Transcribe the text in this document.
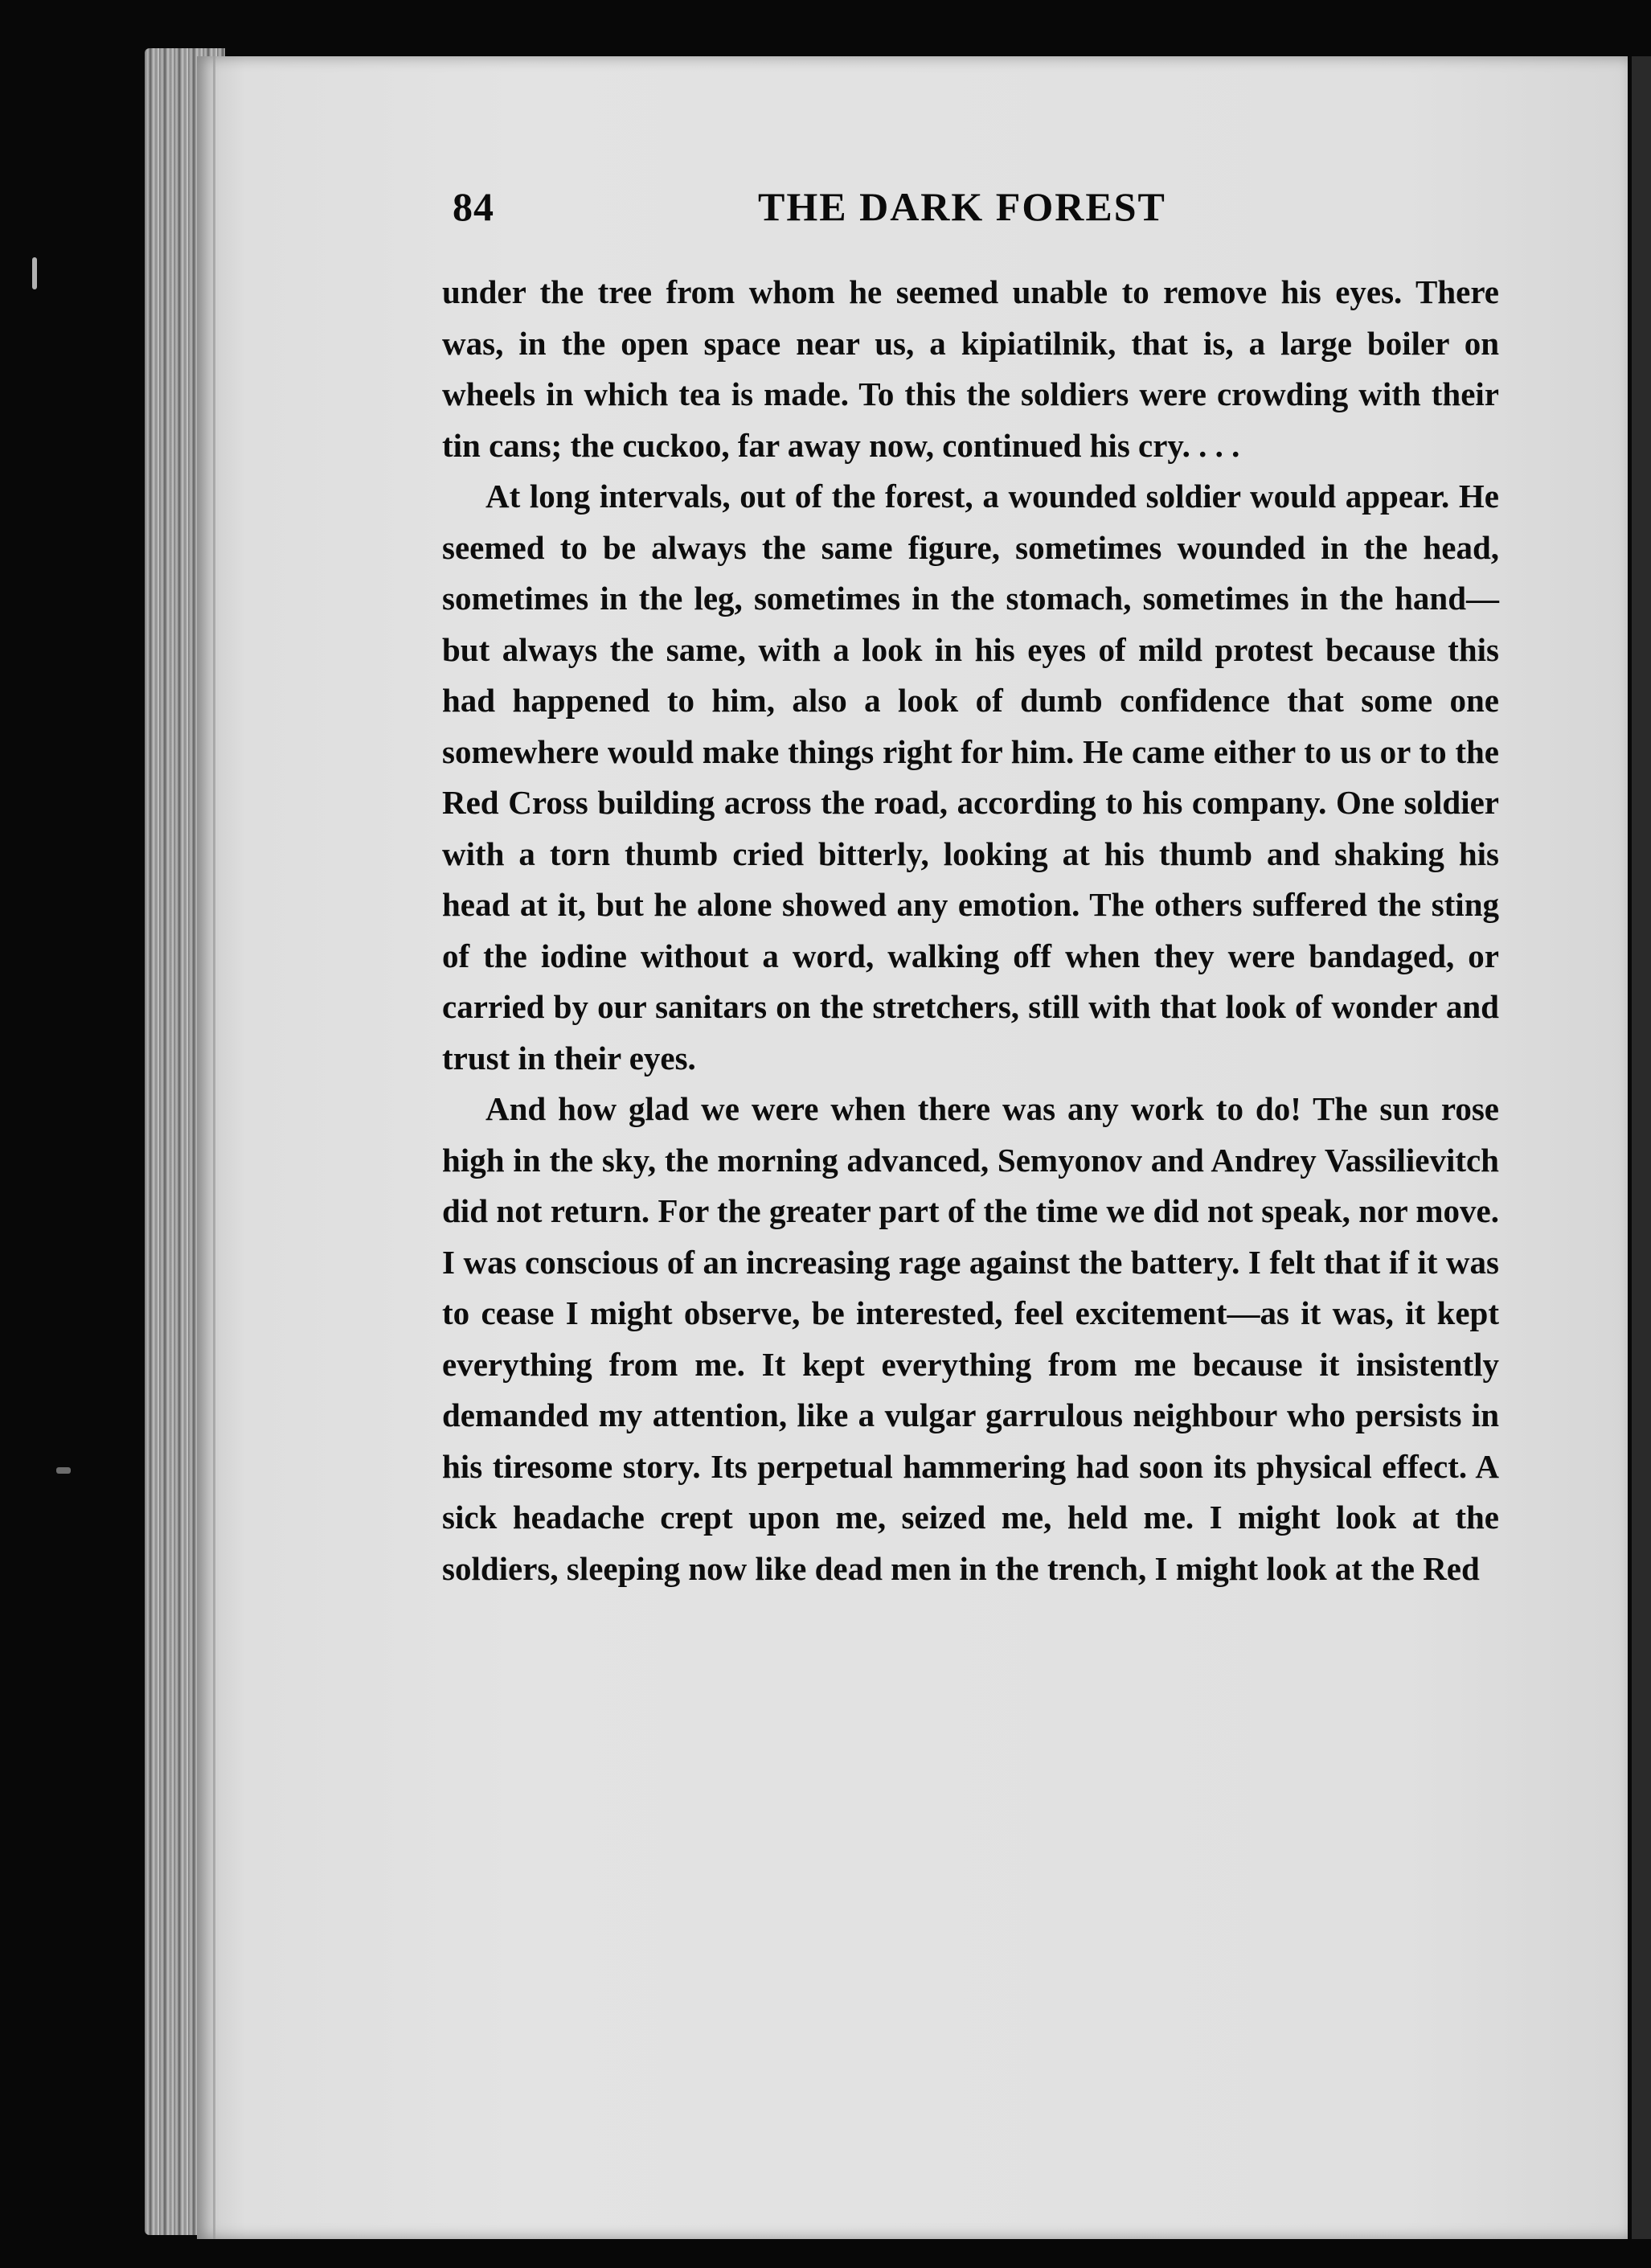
84	THE DARK FOREST

under the tree from whom he seemed unable to remove his eyes. There was, in the open space near us, a kipiatilnik, that is, a large boiler on wheels in which tea is made. To this the soldiers were crowding with their tin cans; the cuckoo, far away now, continued his cry. . . .

At long intervals, out of the forest, a wounded soldier would appear. He seemed to be always the same figure, sometimes wounded in the head, sometimes in the leg, sometimes in the stomach, sometimes in the hand—but always the same, with a look in his eyes of mild protest because this had happened to him, also a look of dumb confidence that some one somewhere would make things right for him. He came either to us or to the Red Cross building across the road, according to his company. One soldier with a torn thumb cried bitterly, looking at his thumb and shaking his head at it, but he alone showed any emotion. The others suffered the sting of the iodine without a word, walking off when they were bandaged, or carried by our sanitars on the stretchers, still with that look of wonder and trust in their eyes.

And how glad we were when there was any work to do! The sun rose high in the sky, the morning advanced, Semyonov and Andrey Vassilievitch did not return. For the greater part of the time we did not speak, nor move. I was conscious of an increasing rage against the battery. I felt that if it was to cease I might observe, be interested, feel excitement—as it was, it kept everything from me. It kept everything from me because it insistently demanded my attention, like a vulgar garrulous neighbour who persists in his tiresome story. Its perpetual hammering had soon its physical effect. A sick headache crept upon me, seized me, held me. I might look at the soldiers, sleeping now like dead men in the trench, I might look at the Red
